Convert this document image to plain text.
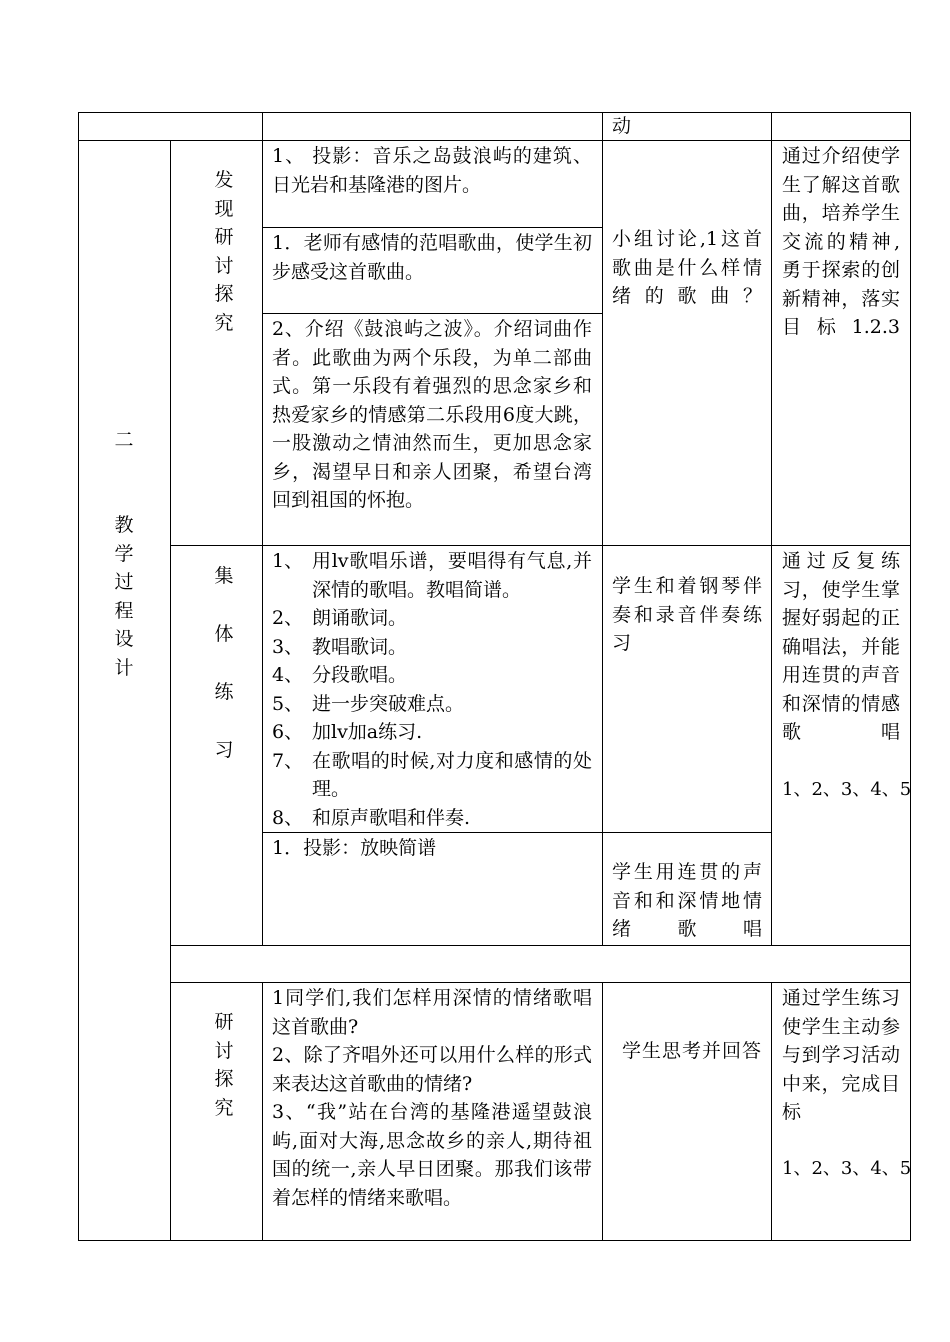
动

二
教
学
过
程
设
计
发
现
研
讨
探
究

1、 投影：音乐之岛鼓浪屿的建筑、日光岩和基隆港的图片。

1．老师有感情的范唱歌曲，使学生初步感受这首歌曲。

2、介绍《鼓浪屿之波》。介绍词曲作者。此歌曲为两个乐段，为单二部曲式。第一乐段有着强烈的思念家乡和热爱家乡的情感第二乐段用6度大跳，一股激动之情油然而生，更加思念家乡，渴望早日和亲人团聚，希望台湾回到祖国的怀抱。

小组讨论,1这首歌曲是什么样情绪的歌曲？

通过介绍使学生了解这首歌曲，培养学生交流的精神,勇于探索的创新精神，落实目标1.2.3

集
体
练
习
1、 用lv歌唱乐谱，要唱得有气息,并深情的歌唱。教唱简谱。
2、 朗诵歌词。
3、 教唱歌词。
4、 分段歌唱。
5、 进一步突破难点。
6、 加lv加a练习.
7、 在歌唱的时候,对力度和感情的处理。
8、 和原声歌唱和伴奏.

学生和着钢琴伴奏和录音伴奏练习

通过反复练习，使学生掌握好弱起的正确唱法，并能用连贯的声音和深情的情感歌唱

1、2、3、4、5

1．投影：放映简谱

学生用连贯的声音和和深情地情绪歌唱

研
讨
探
究

1同学们,我们怎样用深情的情绪歌唱这首歌曲?
2、除了齐唱外还可以用什么样的形式来表达这首歌曲的情绪?
3、“我”站在台湾的基隆港遥望鼓浪屿,面对大海,思念故乡的亲人,期待祖国的统一,亲人早日团聚。那我们该带着怎样的情绪来歌唱。

学生思考并回答

通过学生练习使学生主动参与到学习活动中来，完成目标

1、2、3、4、5
